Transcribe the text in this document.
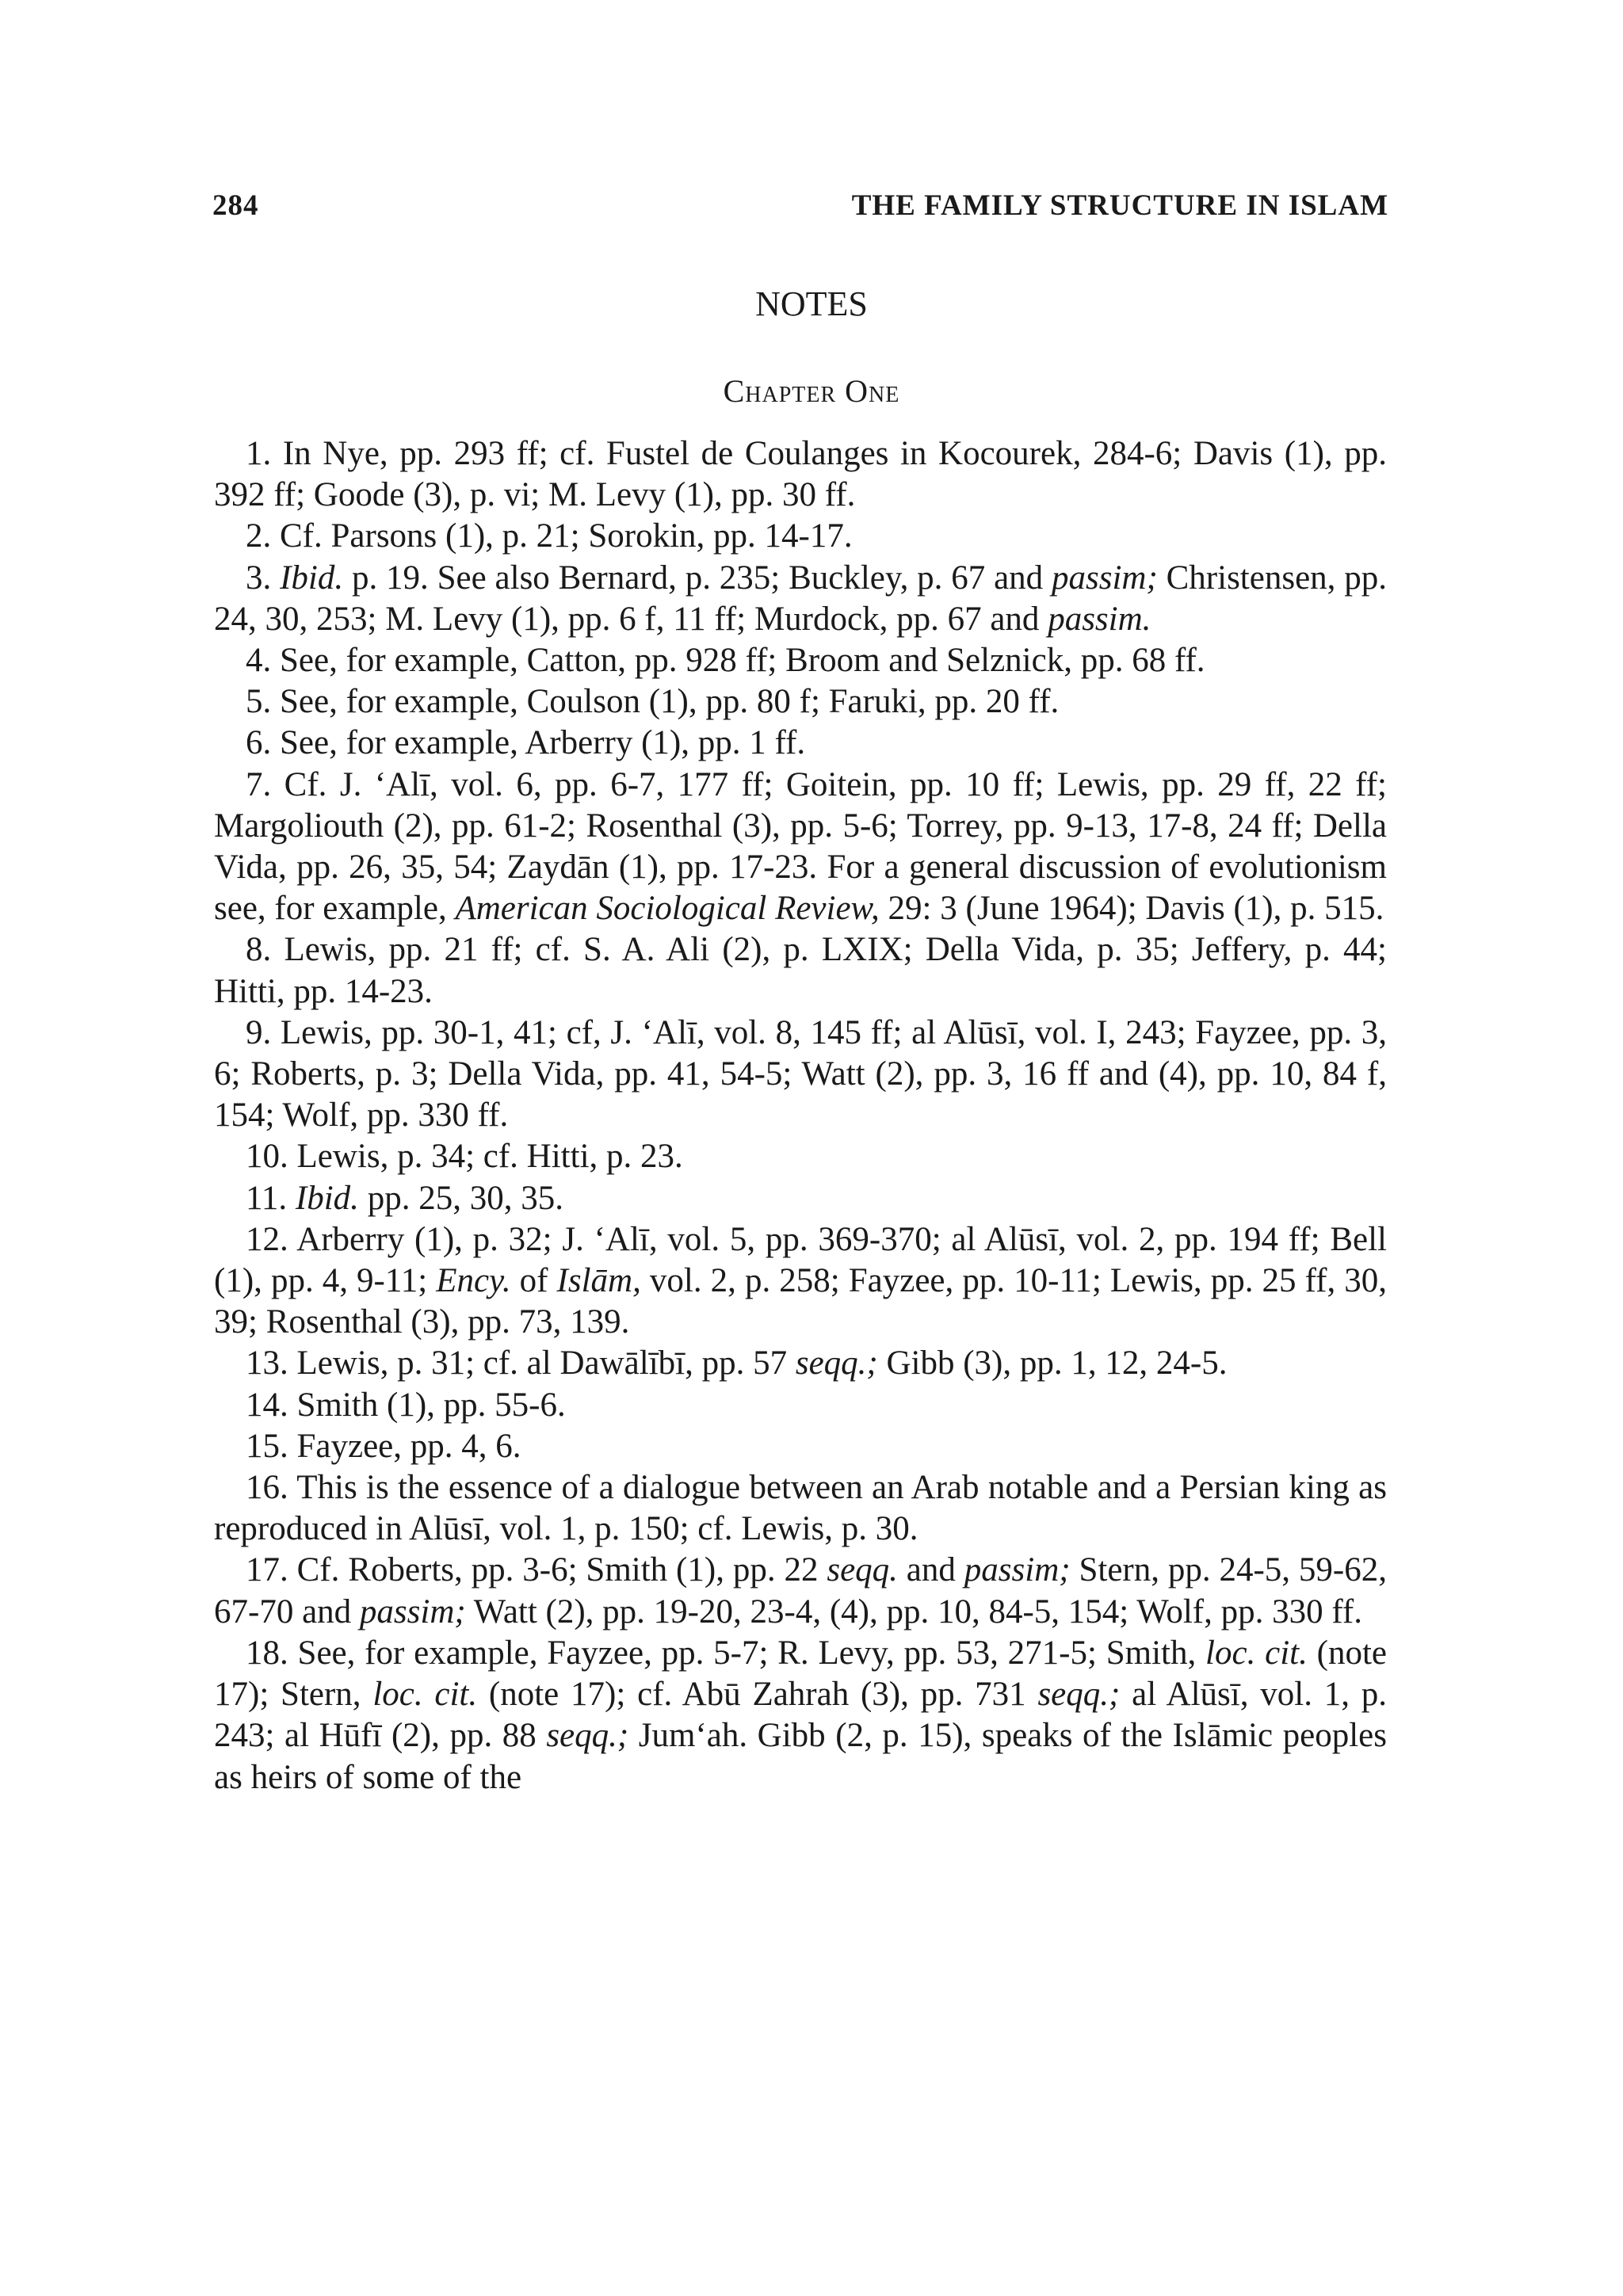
284	THE FAMILY STRUCTURE IN ISLAM
NOTES
Chapter One
1. In Nye, pp. 293 ff; cf. Fustel de Coulanges in Kocourek, 284-6; Davis (1), pp. 392 ff; Goode (3), p. vi; M. Levy (1), pp. 30 ff.
2. Cf. Parsons (1), p. 21; Sorokin, pp. 14-17.
3. Ibid. p. 19. See also Bernard, p. 235; Buckley, p. 67 and passim; Christensen, pp. 24, 30, 253; M. Levy (1), pp. 6 f, 11 ff; Murdock, pp. 67 and passim.
4. See, for example, Catton, pp. 928 ff; Broom and Selznick, pp. 68 ff.
5. See, for example, Coulson (1), pp. 80 f; Faruki, pp. 20 ff.
6. See, for example, Arberry (1), pp. 1 ff.
7. Cf. J. ‘Alī, vol. 6, pp. 6-7, 177 ff; Goitein, pp. 10 ff; Lewis, pp. 29 ff, 22 ff; Margoliouth (2), pp. 61-2; Rosenthal (3), pp. 5-6; Torrey, pp. 9-13, 17-8, 24 ff; Della Vida, pp. 26, 35, 54; Zaydān (1), pp. 17-23. For a general discussion of evolutionism see, for example, American Sociological Review, 29: 3 (June 1964); Davis (1), p. 515.
8. Lewis, pp. 21 ff; cf. S. A. Ali (2), p. LXIX; Della Vida, p. 35; Jeffery, p. 44; Hitti, pp. 14-23.
9. Lewis, pp. 30-1, 41; cf, J. ‘Alī, vol. 8, 145 ff; al Alūsī, vol. I, 243; Fayzee, pp. 3, 6; Roberts, p. 3; Della Vida, pp. 41, 54-5; Watt (2), pp. 3, 16 ff and (4), pp. 10, 84 f, 154; Wolf, pp. 330 ff.
10. Lewis, p. 34; cf. Hitti, p. 23.
11. Ibid. pp. 25, 30, 35.
12. Arberry (1), p. 32; J. ‘Alī, vol. 5, pp. 369-370; al Alūsī, vol. 2, pp. 194 ff; Bell (1), pp. 4, 9-11; Ency. of Islām, vol. 2, p. 258; Fayzee, pp. 10-11; Lewis, pp. 25 ff, 30, 39; Rosenthal (3), pp. 73, 139.
13. Lewis, p. 31; cf. al Dawālībī, pp. 57 seqq.; Gibb (3), pp. 1, 12, 24-5.
14. Smith (1), pp. 55-6.
15. Fayzee, pp. 4, 6.
16. This is the essence of a dialogue between an Arab notable and a Persian king as reproduced in Alūsī, vol. 1, p. 150; cf. Lewis, p. 30.
17. Cf. Roberts, pp. 3-6; Smith (1), pp. 22 seqq. and passim; Stern, pp. 24-5, 59-62, 67-70 and passim; Watt (2), pp. 19-20, 23-4, (4), pp. 10, 84-5, 154; Wolf, pp. 330 ff.
18. See, for example, Fayzee, pp. 5-7; R. Levy, pp. 53, 271-5; Smith, loc. cit. (note 17); Stern, loc. cit. (note 17); cf. Abū Zahrah (3), pp. 731 seqq.; al Alūsī, vol. 1, p. 243; al Hūfī (2), pp. 88 seqq.; Jum‘ah. Gibb (2, p. 15), speaks of the Islāmic peoples as heirs of some of the
